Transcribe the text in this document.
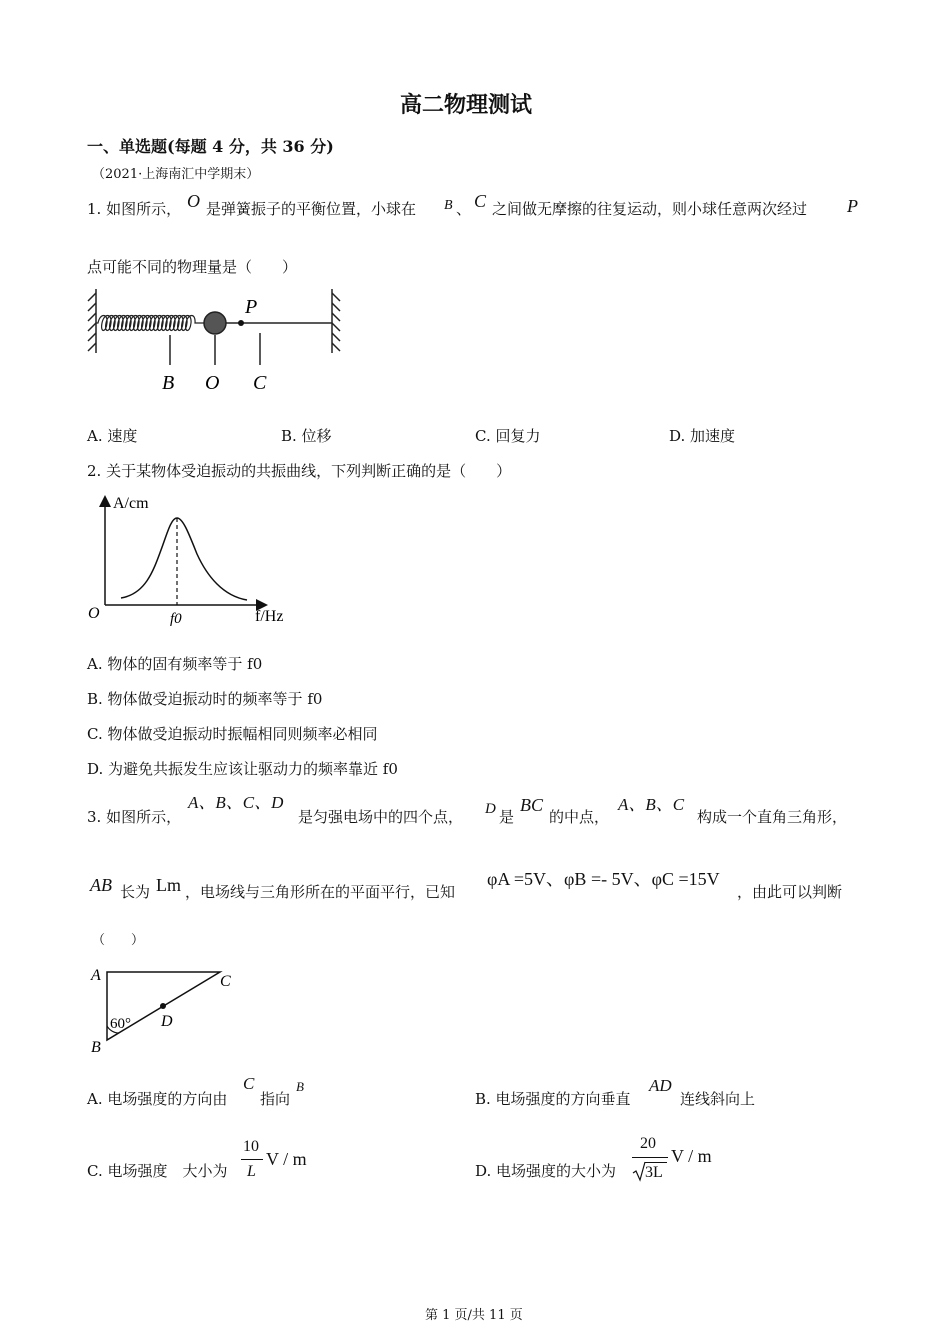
高二物理测试
一、单选题(每题 4 分，共 36 分)
（2021·上海南汇中学期末）
1. 如图所示， O 是弹簧振子的平衡位置，小球在 B 、 C 之间做无摩擦的往复运动，则小球任意两次经过 P
点可能不同的物理量是（　　）
P
B O C
A. 速度	B. 位移	C. 回复力	D. 加速度
2. 关于某物体受迫振动的共振曲线，下列判断正确的是（　　）
A/cm
f/Hz
O	f0
A. 物体的固有频率等于 f0
B. 物体做受迫振动时的频率等于 f0
C. 物体做受迫振动时振幅相同则频率必相同
D. 为避免共振发生应该让驱动力的频率靠近 f0
3. 如图所示，
A、B、C、D
是匀强电场中的四个点， D 是
BC
的中点，
A、B、C
构成一个直角三角形，
AB 长为 Lm ，电场线与三角形所在的平面平行，已知
φA =5V、φB =- 5V、φC =15V
，由此可以判断
（　　）
A	C
B
D
60°
A. 电场强度的方向由
C
指向
B
B. 电场强度的方向垂直
AD
连线斜向上
C. 电场强度　大小为
10
L
V / m
D. 电场强度的大小为
20
3L
V / m
第 1 页/共 11 页
